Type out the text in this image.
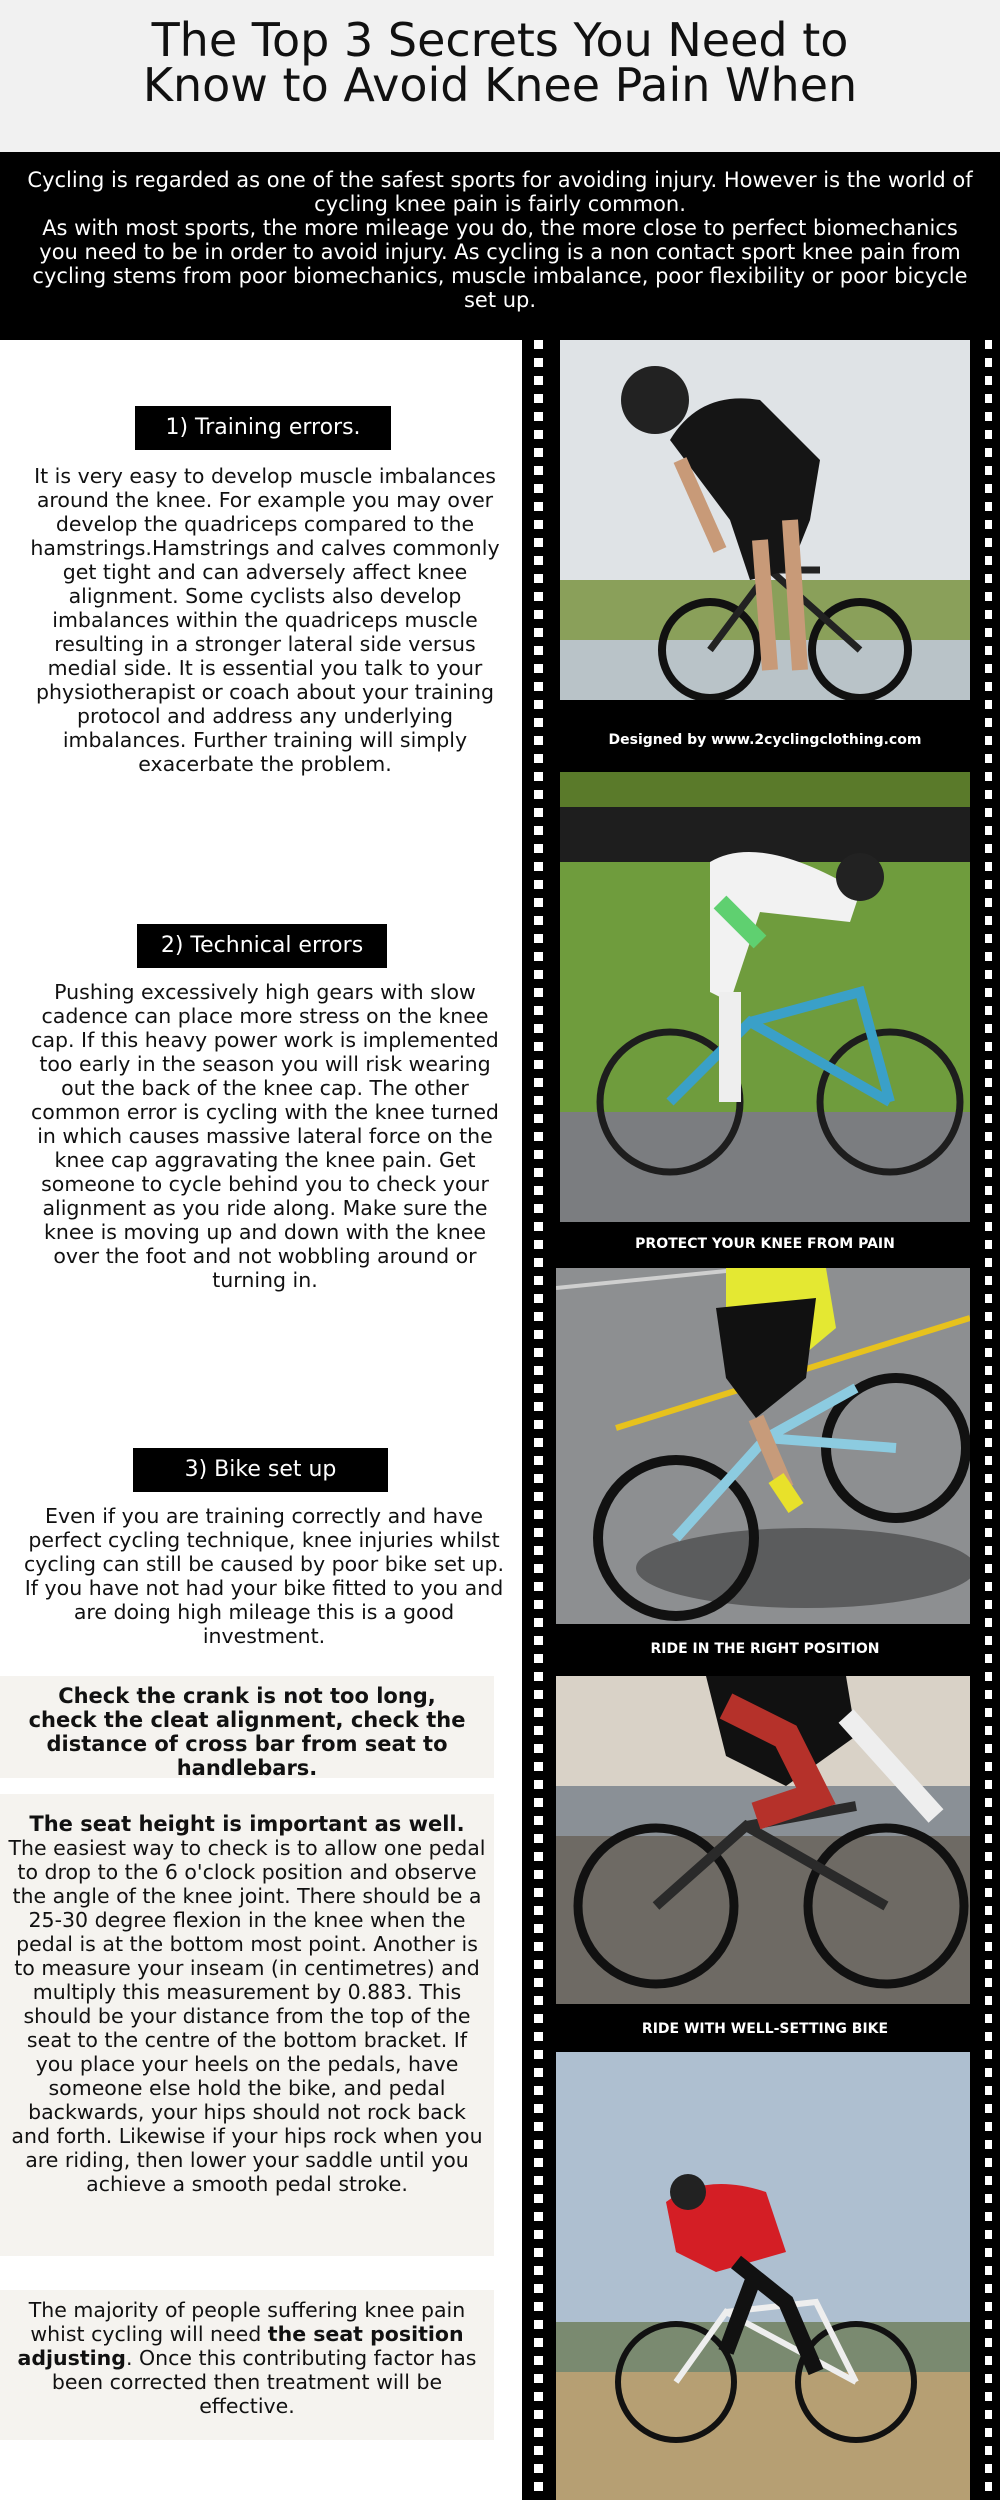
The Top 3 Secrets You Need to
Know to Avoid Knee Pain When

Cycling is regarded as one of the safest sports for avoiding injury. However is the world of cycling knee pain is fairly common.

As with most sports, the more mileage you do, the more close to perfect biomechanics you need to be in order to avoid injury. As cycling is a non contact sport knee pain from cycling stems from poor biomechanics, muscle imbalance, poor flexibility or poor bicycle set up.

1) Training errors.

It is very easy to develop muscle imbalances around the knee. For example you may over develop the quadriceps compared to the hamstrings.Hamstrings and calves commonly get tight and can adversely affect knee alignment. Some cyclists also develop imbalances within the quadriceps muscle resulting in a stronger lateral side versus medial side. It is essential you talk to your physiotherapist or coach about your training protocol and address any underlying imbalances. Further training will simply exacerbate the problem.

2) Technical errors

Pushing excessively high gears with slow cadence can place more stress on the knee cap. If this heavy power work is implemented too early in the season you will risk wearing out the back of the knee cap. The other common error is cycling with the knee turned in which causes massive lateral force on the knee cap aggravating the knee pain. Get someone to cycle behind you to check your alignment as you ride along. Make sure the knee is moving up and down with the knee over the foot and not wobbling around or turning in.

3) Bike set up

Even if you are training correctly and have perfect cycling technique, knee injuries whilst cycling can still be caused by poor bike set up. If you have not had your bike fitted to you and are doing high mileage this is a good investment.

Check the crank is not too long, check the cleat alignment, check the distance of cross bar from seat to handlebars.
The seat height is important as well. The easiest way to check is to allow one pedal to drop to the 6 o'clock position and observe the angle of the knee joint. There should be a 25-30 degree flexion in the knee when the pedal is at the bottom most point. Another is to measure your inseam (in centimetres) and multiply this measurement by 0.883. This should be your distance from the top of the seat to the centre of the bottom bracket. If you place your heels on the pedals, have someone else hold the bike, and pedal backwards, your hips should not rock back and forth. Likewise if your hips rock when you are riding, then lower your saddle until you achieve a smooth pedal stroke.
The majority of people suffering knee pain whist cycling will need the seat position adjusting. Once this contributing factor has been corrected then treatment will be effective.
Designed by www.2cyclingclothing.com
PROTECT YOUR KNEE FROM PAIN
RIDE IN THE RIGHT POSITION
RIDE WITH WELL-SETTING BIKE
